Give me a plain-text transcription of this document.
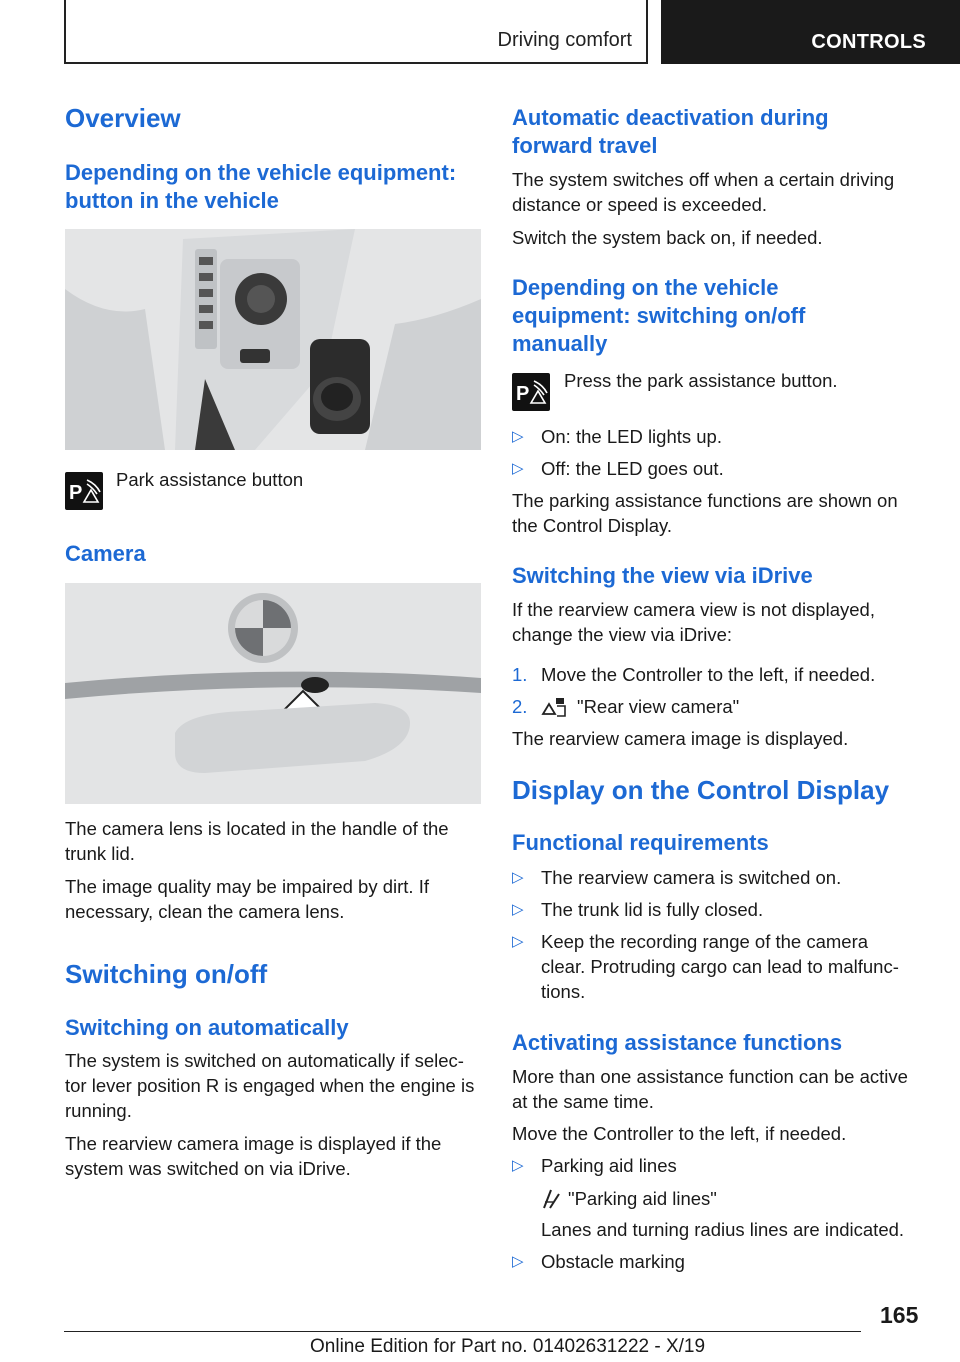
Driving comfort	CONTROLS
Overview
Depending on the vehicle equipment: button in the vehicle
P
Park assistance button
Camera
The camera lens is located in the handle of the trunk lid.
The image quality may be impaired by dirt. If necessary, clean the camera lens.
Switching on/off
Switching on automatically
The system is switched on automatically if selec-tor lever position R is engaged when the engine is running.
The rearview camera image is displayed if the system was switched on via iDrive.
Automatic deactivation during forward travel
The system switches off when a certain driving distance or speed is exceeded.
Switch the system back on, if needed.
Depending on the vehicle equipment: switching on/off manually
P
Press the park assistance button.
▷ On: the LED lights up.
▷ Off: the LED goes out.
The parking assistance functions are shown on the Control Display.
Switching the view via iDrive
If the rearview camera view is not displayed, change the view via iDrive:
1. Move the Controller to the left, if needed.
2.	"Rear view camera"
The rearview camera image is displayed.
Display on the Control Display
Functional requirements
▷ The rearview camera is switched on.
▷ The trunk lid is fully closed.
▷ Keep the recording range of the camera clear. Protruding cargo can lead to malfunc-tions.
Activating assistance functions
More than one assistance function can be active at the same time.
Move the Controller to the left, if needed.
▷ Parking aid lines
"Parking aid lines"
Lanes and turning radius lines are indicated.
▷ Obstacle marking
165
Online Edition for Part no. 01402631222 - X/19
